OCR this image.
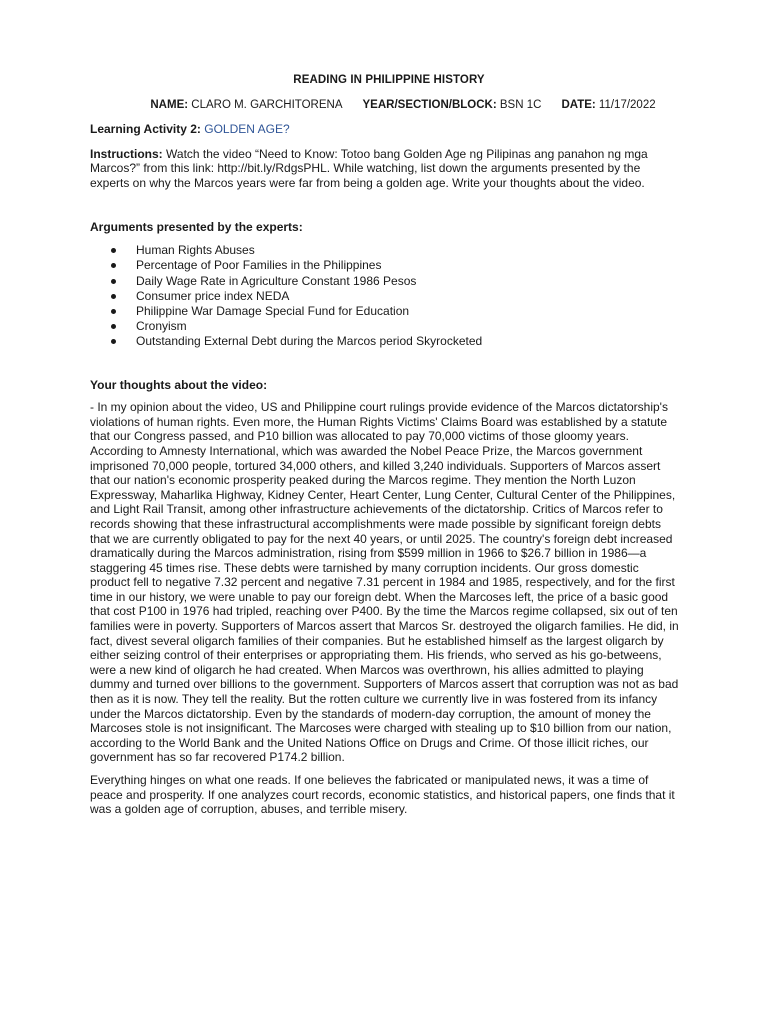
READING IN PHILIPPINE HISTORY
NAME: CLARO M. GARCHITORENA YEAR/SECTION/BLOCK: BSN 1C DATE: 11/17/2022
Learning Activity 2: GOLDEN AGE?
Instructions: Watch the video “Need to Know: Totoo bang Golden Age ng Pilipinas ang panahon ng mga Marcos?” from this link: http://bit.ly/RdgsPHL. While watching, list down the arguments presented by the experts on why the Marcos years were far from being a golden age. Write your thoughts about the video.
Arguments presented by the experts:
Human Rights Abuses
Percentage of Poor Families in the Philippines
Daily Wage Rate in Agriculture Constant 1986 Pesos
Consumer price index NEDA
Philippine War Damage Special Fund for Education
Cronyism
Outstanding External Debt during the Marcos period Skyrocketed
Your thoughts about the video:

- In my opinion about the video, US and Philippine court rulings provide evidence of the Marcos dictatorship's violations of human rights. Even more, the Human Rights Victims' Claims Board was established by a statute that our Congress passed, and P10 billion was allocated to pay 70,000 victims of those gloomy years. According to Amnesty International, which was awarded the Nobel Peace Prize, the Marcos government imprisoned 70,000 people, tortured 34,000 others, and killed 3,240 individuals. Supporters of Marcos assert that our nation's economic prosperity peaked during the Marcos regime. They mention the North Luzon Expressway, Maharlika Highway, Kidney Center, Heart Center, Lung Center, Cultural Center of the Philippines, and Light Rail Transit, among other infrastructure achievements of the dictatorship. Critics of Marcos refer to records showing that these infrastructural accomplishments were made possible by significant foreign debts that we are currently obligated to pay for the next 40 years, or until 2025. The country's foreign debt increased dramatically during the Marcos administration, rising from $599 million in 1966 to $26.7 billion in 1986—a staggering 45 times rise. These debts were tarnished by many corruption incidents. Our gross domestic product fell to negative 7.32 percent and negative 7.31 percent in 1984 and 1985, respectively, and for the first time in our history, we were unable to pay our foreign debt. When the Marcoses left, the price of a basic good that cost P100 in 1976 had tripled, reaching over P400. By the time the Marcos regime collapsed, six out of ten families were in poverty. Supporters of Marcos assert that Marcos Sr. destroyed the oligarch families. He did, in fact, divest several oligarch families of their companies. But he established himself as the largest oligarch by either seizing control of their enterprises or appropriating them. His friends, who served as his go-betweens, were a new kind of oligarch he had created. When Marcos was overthrown, his allies admitted to playing dummy and turned over billions to the government. Supporters of Marcos assert that corruption was not as bad then as it is now. They tell the reality. But the rotten culture we currently live in was fostered from its infancy under the Marcos dictatorship. Even by the standards of modern-day corruption, the amount of money the Marcoses stole is not insignificant. The Marcoses were charged with stealing up to $10 billion from our nation, according to the World Bank and the United Nations Office on Drugs and Crime. Of those illicit riches, our government has so far recovered P174.2 billion.

Everything hinges on what one reads. If one believes the fabricated or manipulated news, it was a time of peace and prosperity. If one analyzes court records, economic statistics, and historical papers, one finds that it was a golden age of corruption, abuses, and terrible misery.
